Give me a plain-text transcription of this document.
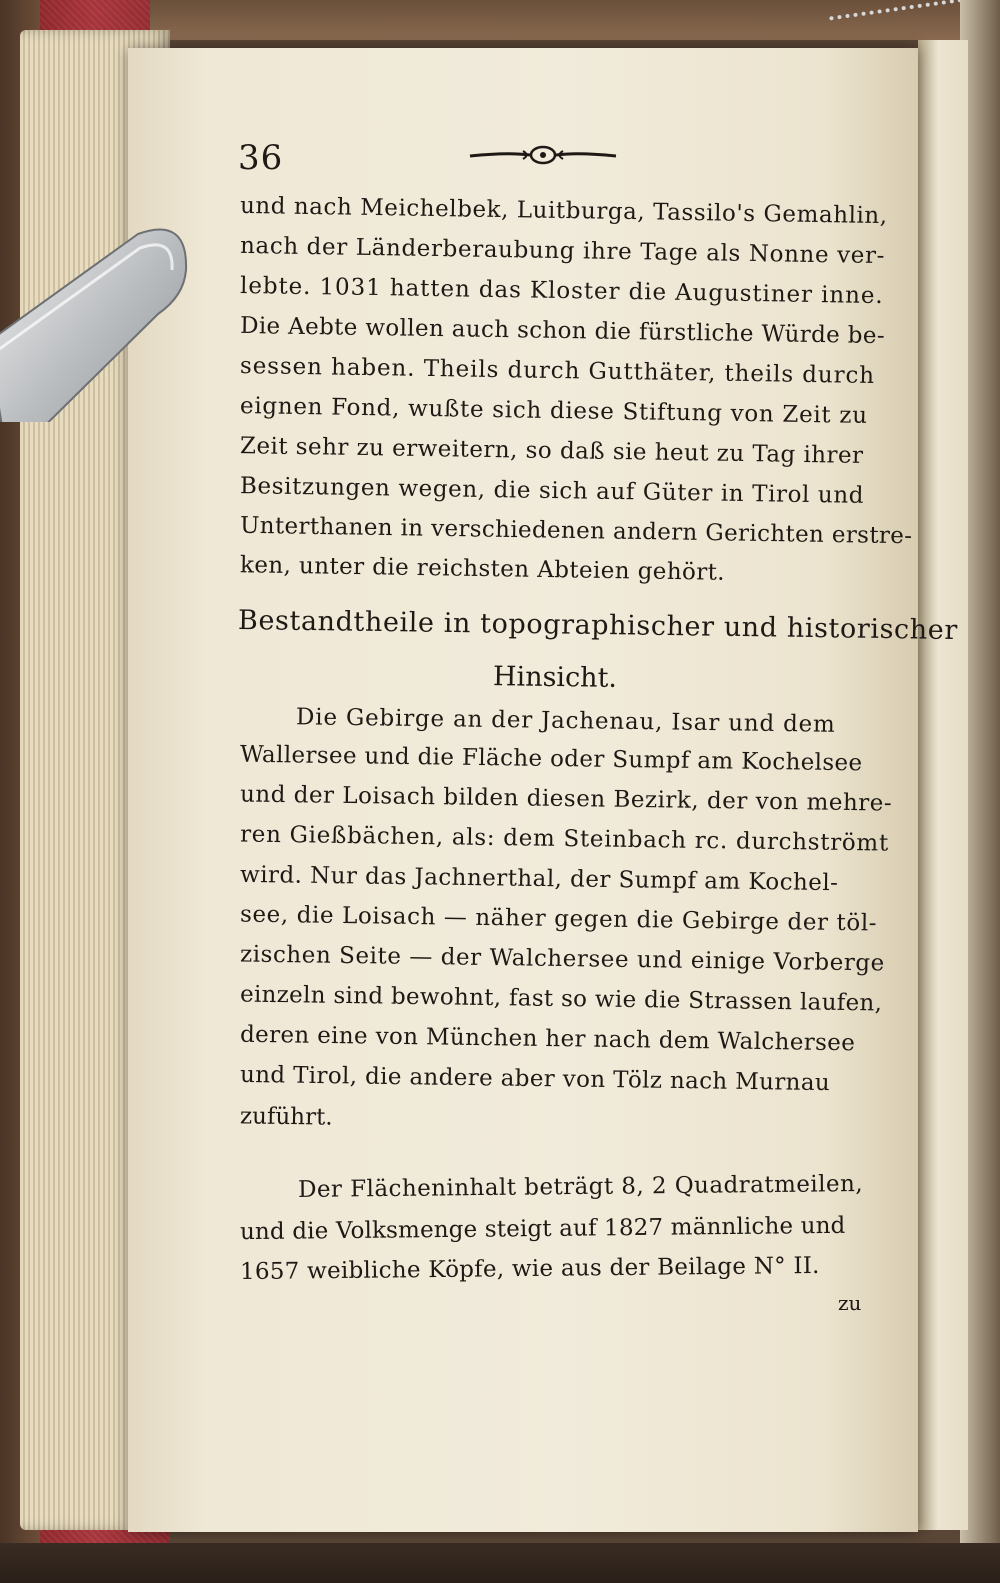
36
und nach Meichelbek, Luitburga, Tassilo's Gemahlin,
nach der Länderberaubung ihre Tage als Nonne ver-
lebte. 1031 hatten das Kloster die Augustiner inne.
Die Aebte wollen auch schon die fürstliche Würde be-
sessen haben. Theils durch Gutthäter, theils durch
eignen Fond, wußte sich diese Stiftung von Zeit zu
Zeit sehr zu erweitern, so daß sie heut zu Tag ihrer
Besitzungen wegen, die sich auf Güter in Tirol und
Unterthanen in verschiedenen andern Gerichten erstre-
ken, unter die reichsten Abteien gehört.
Bestandtheile in topographischer und historischer
Hinsicht.
Die Gebirge an der Jachenau, Isar und dem
Wallersee und die Fläche oder Sumpf am Kochelsee
und der Loisach bilden diesen Bezirk, der von mehre-
ren Gießbächen, als: dem Steinbach rc. durchströmt
wird. Nur das Jachnerthal, der Sumpf am Kochel-
see, die Loisach — näher gegen die Gebirge der töl-
zischen Seite — der Walchersee und einige Vorberge
einzeln sind bewohnt, fast so wie die Strassen laufen,
deren eine von München her nach dem Walchersee
und Tirol, die andere aber von Tölz nach Murnau
zuführt.
Der Flächeninhalt beträgt 8, 2 Quadratmeilen,
und die Volksmenge steigt auf 1827 männliche und
1657 weibliche Köpfe, wie aus der Beilage N° II.
zu
